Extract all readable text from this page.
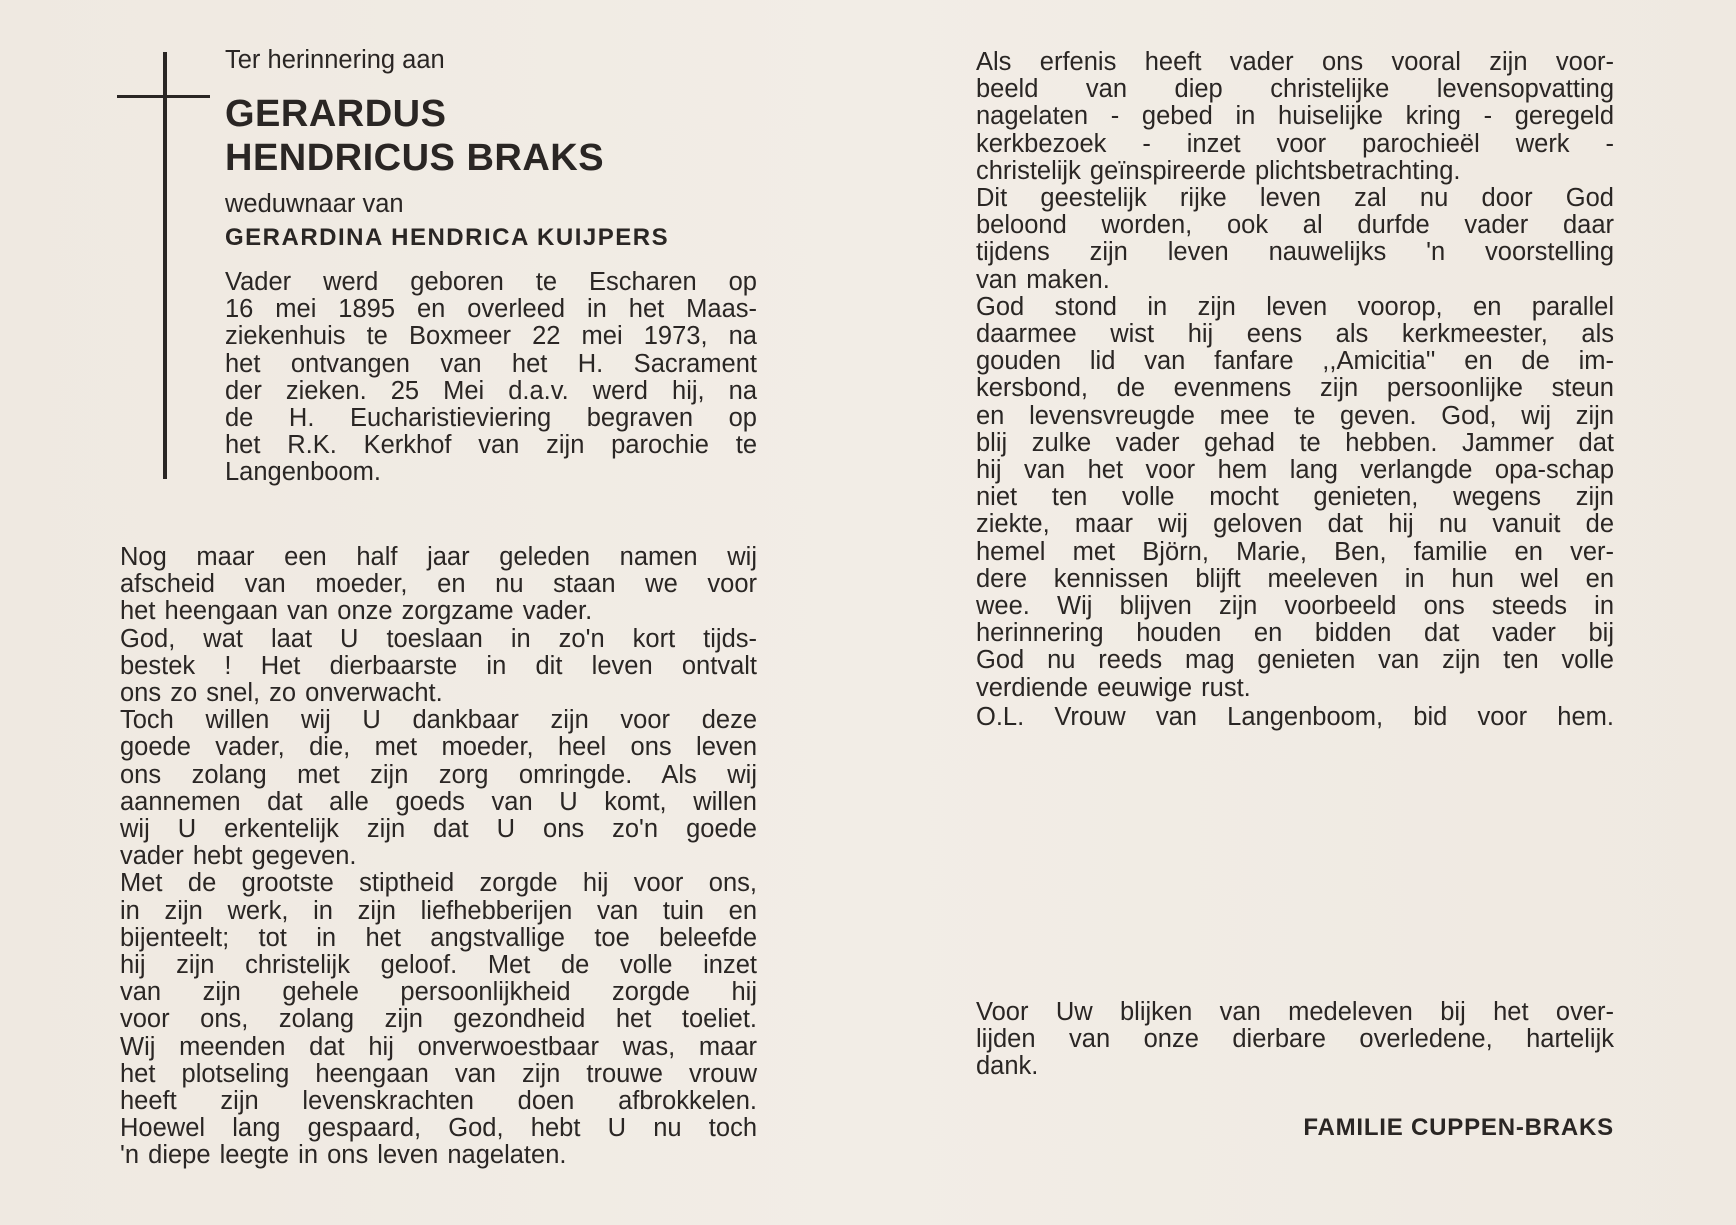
Ter herinnering aan
GERARDUS
HENDRICUS BRAKS
weduwnaar van
GERARDINA HENDRICA KUIJPERS
Vader werd geboren te Escharen op
16 mei 1895 en overleed in het Maas-
ziekenhuis te Boxmeer 22 mei 1973, na
het ontvangen van het H. Sacrament
der zieken. 25 Mei d.a.v. werd hij, na
de H. Eucharistieviering begraven op
het R.K. Kerkhof van zijn parochie te
Langenboom.
Nog maar een half jaar geleden namen wij
afscheid van moeder, en nu staan we voor
het heengaan van onze zorgzame vader.
God, wat laat U toeslaan in zo'n kort tijds-
bestek ! Het dierbaarste in dit leven ontvalt
ons zo snel, zo onverwacht.
Toch willen wij U dankbaar zijn voor deze
goede vader, die, met moeder, heel ons leven
ons zolang met zijn zorg omringde. Als wij
aannemen dat alle goeds van U komt, willen
wij U erkentelijk zijn dat U ons zo'n goede
vader hebt gegeven.
Met de grootste stiptheid zorgde hij voor ons,
in zijn werk, in zijn liefhebberijen van tuin en
bijenteelt; tot in het angstvallige toe beleefde
hij zijn christelijk geloof. Met de volle inzet
van zijn gehele persoonlijkheid zorgde hij
voor ons, zolang zijn gezondheid het toeliet.
Wij meenden dat hij onverwoestbaar was, maar
het plotseling heengaan van zijn trouwe vrouw
heeft zijn levenskrachten doen afbrokkelen.
Hoewel lang gespaard, God, hebt U nu toch
'n diepe leegte in ons leven nagelaten.
Als erfenis heeft vader ons vooral zijn voor-
beeld van diep christelijke levensopvatting
nagelaten - gebed in huiselijke kring - geregeld
kerkbezoek - inzet voor parochieël werk -
christelijk geïnspireerde plichtsbetrachting.
Dit geestelijk rijke leven zal nu door God
beloond worden, ook al durfde vader daar
tijdens zijn leven nauwelijks 'n voorstelling
van maken.
God stond in zijn leven voorop, en parallel
daarmee wist hij eens als kerkmeester, als
gouden lid van fanfare ,,Amicitia'' en de im-
kersbond, de evenmens zijn persoonlijke steun
en levensvreugde mee te geven. God, wij zijn
blij zulke vader gehad te hebben. Jammer dat
hij van het voor hem lang verlangde opa-schap
niet ten volle mocht genieten, wegens zijn
ziekte, maar wij geloven dat hij nu vanuit de
hemel met Björn, Marie, Ben, familie en ver-
dere kennissen blijft meeleven in hun wel en
wee. Wij blijven zijn voorbeeld ons steeds in
herinnering houden en bidden dat vader bij
God nu reeds mag genieten van zijn ten volle
verdiende eeuwige rust.
O.L. Vrouw van Langenboom, bid voor hem.
Voor Uw blijken van medeleven bij het over-
lijden van onze dierbare overledene, hartelijk
dank.
FAMILIE CUPPEN-BRAKS
